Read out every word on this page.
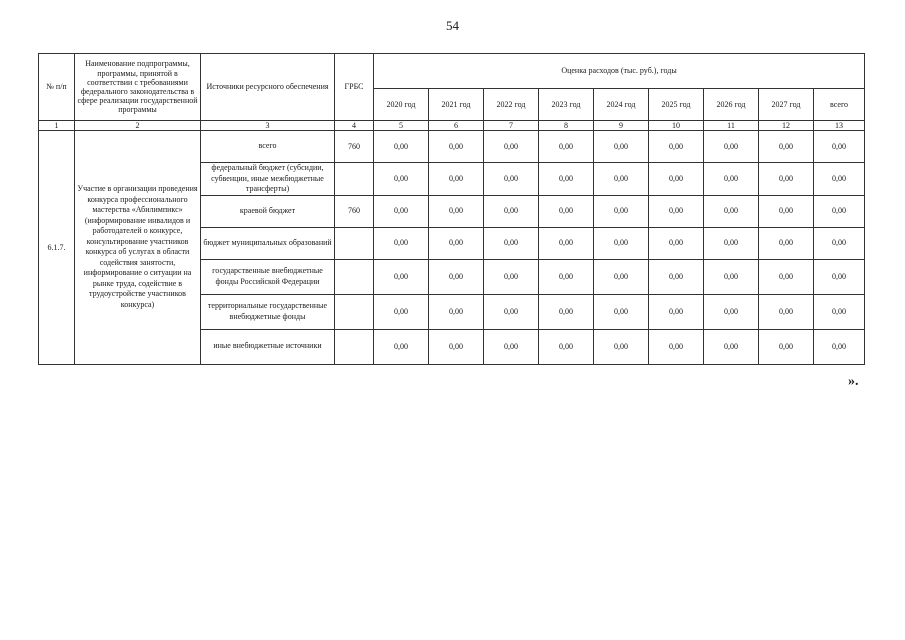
54
№ п/п	Наименование подпрограммы, программы, принятой в соответствии с требованиями федерального законодательства в сфере реализации государственной программы	Источники ресурсного обеспечения	ГРБС	Оценка расходов (тыс. руб.), годы								
				2020 год	2021 год	2022 год	2023 год	2024 год	2025 год	2026 год	2027 год	всего
1	2	3	4	5	6	7	8	9	10	11	12	13
6.1.7.	Участие в организации проведения конкурса профессионального мастерства «Абилимпикс» (информирование инвалидов и работодателей о конкурсе, консультирование участников конкурса об услугах в области содействия занятости, информирование о ситуации на рынке труда, содействие в трудоустройстве участников конкурса)	всего	760	0,00	0,00	0,00	0,00	0,00	0,00	0,00	0,00	0,00
		федеральный бюджет (субсидии, субвенции, иные межбюджетные трансферты)		0,00	0,00	0,00	0,00	0,00	0,00	0,00	0,00	0,00
		краевой бюджет	760	0,00	0,00	0,00	0,00	0,00	0,00	0,00	0,00	0,00
		бюджет муниципальных образований		0,00	0,00	0,00	0,00	0,00	0,00	0,00	0,00	0,00
		государственные внебюджетные фонды Российской Федерации		0,00	0,00	0,00	0,00	0,00	0,00	0,00	0,00	0,00
		территориальные государственные внебюджетные фонды		0,00	0,00	0,00	0,00	0,00	0,00	0,00	0,00	0,00
		иные внебюджетные источники		0,00	0,00	0,00	0,00	0,00	0,00	0,00	0,00	0,00
».
